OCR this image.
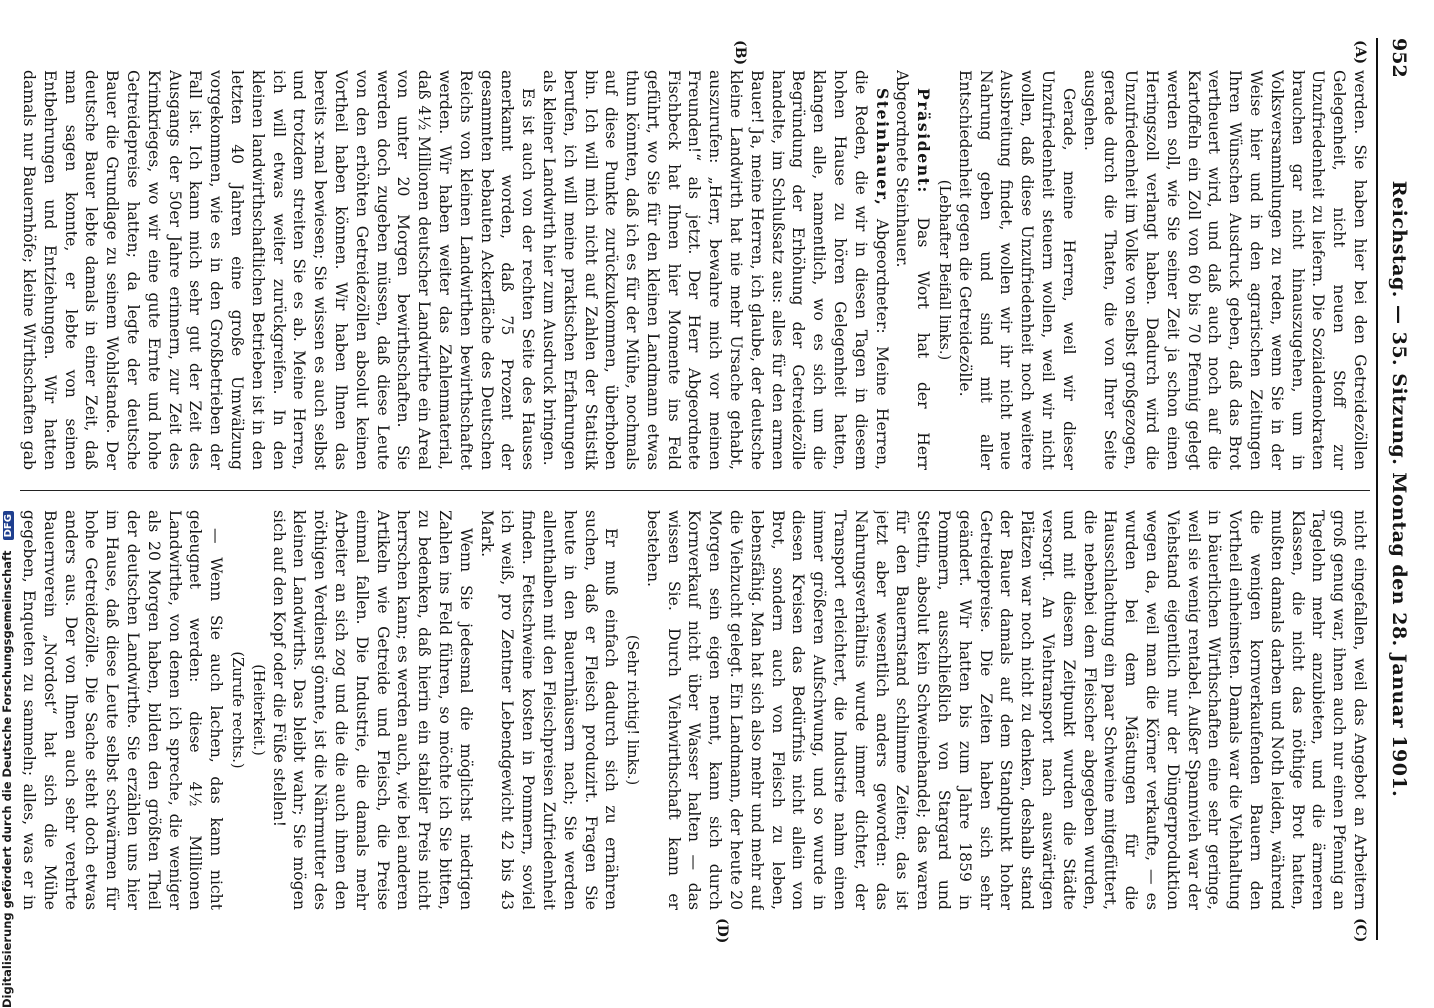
952
Reichstag. — 35. Sitzung. Montag den 28. Januar 1901.
(A)
(B)
(C)
(D)

werden. Sie haben hier bei den Getreidezöllen Gelegenheit, nicht neuen Stoff zur Unzufriedenheit zu liefern. Die Sozialdemokraten brauchen gar nicht hinauszugehen, um in Volksversammlungen zu reden, wenn Sie in der Weise hier und in den agrarischen Zeitungen Ihren Wünschen Ausdruck geben, daß das Brot vertheuert wird, und daß auch noch auf die Kartoffeln ein Zoll von 60 bis 70 Pfennig gelegt werden soll, wie Sie seiner Zeit ja schon einen Heringszoll verlangt haben. Dadurch wird die Unzufriedenheit im Volke von selbst großgezogen, gerade durch die Thaten, die von Ihrer Seite ausgehen.

Gerade, meine Herren, weil wir dieser Unzufriedenheit steuern wollen, weil wir nicht wollen, daß diese Unzufriedenheit noch weitere Ausbreitung findet, wollen wir ihr nicht neue Nahrung geben und sind mit aller Entschiedenheit gegen die Getreidezölle.

(Lebhafter Beifall links.)

Präsident: Das Wort hat der Herr Abgeordnete Steinhauer.

Steinhauer, Abgeordneter: Meine Herren, die Reden, die wir in diesen Tagen in diesem hohen Hause zu hören Gelegenheit hatten, klangen alle, namentlich, wo es sich um die Begründung der Erhöhung der Getreidezölle handelte, im Schlußsatz aus: alles für den armen Bauer! Ja, meine Herren, ich glaube, der deutsche kleine Landwirth hat nie mehr Ursache gehabt, auszurufen: „Herr, bewahre mich vor meinen Freunden!“ als jetzt. Der Herr Abgeordnete Fischbeck hat Ihnen hier Momente ins Feld geführt, wo Sie für den kleinen Landmann etwas thun könnten, daß ich es für der Mühe, nochmals auf diese Punkte zurückzukommen, überhoben bin. Ich will mich nicht auf Zahlen der Statistik berufen, ich will meine praktischen Erfahrungen als kleiner Landwirth hier zum Ausdruck bringen.

Es ist auch von der rechten Seite des Hauses anerkannt worden, daß 75 Prozent der gesammten bebauten Ackerfläche des Deutschen Reichs von kleinen Landwirthen bewirthschaftet werden. Wir haben weiter das Zahlenmaterial, daß 4½ Millionen deutscher Landwirthe ein Areal von unter 20 Morgen bewirthschaften. Sie werden doch zugeben müssen, daß diese Leute von den erhöhten Getreidezöllen absolut keinen Vortheil haben können. Wir haben Ihnen das bereits x-mal bewiesen; Sie wissen es auch selbst und trotzdem streiten Sie es ab. Meine Herren, ich will etwas weiter zurückgreifen. In den kleinen landwirthschaftlichen Betrieben ist in den letzten 40 Jahren eine große Umwälzung vorgekommen, wie es in den Großbetrieben der Fall ist. Ich kann mich sehr gut der Zeit des Ausgangs der 50er Jahre erinnern, zur Zeit des Krimkrieges, wo wir eine gute Ernte und hohe Getreidepreise hatten; da legte der deutsche Bauer die Grundlage zu seinem Wohlstande. Der deutsche Bauer lebte damals in einer Zeit, daß man sagen konnte, er lebte von seinen Entbehrungen und Entziehungen. Wir hatten damals nur Bauernhöfe; kleine Wirthschaften gab

nicht eingefallen, weil das Angebot an Arbeitern groß genug war, ihnen auch nur einen Pfennig an Tagelohn mehr anzubieten, und die ärmeren Klassen, die nicht das nöthige Brot hatten, mußten damals darben und Noth leiden, während die wenigen kornverkaufenden Bauern den Vortheil einheimsten. Damals war die Viehhaltung in bäuerlichen Wirthschaften eine sehr geringe, weil sie wenig rentabel. Außer Spannvieh war der Viehstand eigentlich nur der Düngerproduktion wegen da, weil man die Körner verkaufte, — es wurden bei dem Mästungen für die Hausschlachtung ein paar Schweine mitgefüttert, die nebenbei dem Fleischer abgegeben wurden, und mit diesem Zeitpunkt wurden die Städte versorgt. An Viehtransport nach auswärtigen Plätzen war noch nicht zu denken, deshalb stand der Bauer damals auf dem Standpunkt hoher Getreidepreise. Die Zeiten haben sich sehr geändert. Wir hatten bis zum Jahre 1859 in Pommern, ausschließlich von Stargard und Stettin, absolut kein Schweinehandel; das waren für den Bauernstand schlimme Zeiten; das ist jetzt aber wesentlich anders geworden: das Nahrungsverhältnis wurde immer dichter, der Transport erleichtert, die Industrie nahm einen immer größeren Aufschwung, und so wurde in diesen Kreisen das Bedürfnis nicht allein von Brot, sondern auch von Fleisch zu leben, lebensfähig. Man hat sich also mehr und mehr auf die Viehzucht gelegt. Ein Landmann, der heute 20 Morgen sein eigen nennt, kann sich durch Kornverkauf nicht über Wasser halten — das wissen Sie. Durch Viehwirthschaft kann er bestehen.

(Sehr richtig! links.)

Er muß einfach dadurch sich zu ernähren suchen, daß er Fleisch produzirt. Fragen Sie heute in den Bauernhäusern nach; Sie werden allenthalben mit den Fleischpreisen Zufriedenheit finden. Fettschweine kosten in Pommern, soviel ich weiß, pro Zentner Lebendgewicht 42 bis 43 Mark.

Wenn Sie jedesmal die möglichst niedrigen Zahlen ins Feld führen, so möchte ich Sie bitten, zu bedenken, daß hierin ein stabiler Preis nicht herrschen kann; es werden auch, wie bei anderen Artikeln wie Getreide und Fleisch, die Preise einmal fallen. Die Industrie, die damals mehr Arbeiter an sich zog und die die auch ihnen den nöthigen Verdienst gönnte, ist die Nährmutter des kleinen Landwirths. Das bleibt wahr; Sie mögen sich auf den Kopf oder die Füße stellen!

(Heiterkeit.)

(Zurufe rechts.)

— Wenn Sie auch lachen, das kann nicht geleugnet werden: diese 4½ Millionen Landwirthe, von denen ich spreche, die weniger als 20 Morgen haben, bilden den größten Theil der deutschen Landwirthe. Sie erzählen uns hier im Hause, daß diese Leute selbst schwärmen für hohe Getreidezölle. Die Sache steht doch etwas anders aus. Der von Ihnen auch sehr verehrte Bauernverein „Nordost“ hat sich die Mühe gegeben, Enqueten zu sammeln; alles, was er in

Digitalisierung gefördert durch die Deutsche Forschungsgemeinschaft DFG
